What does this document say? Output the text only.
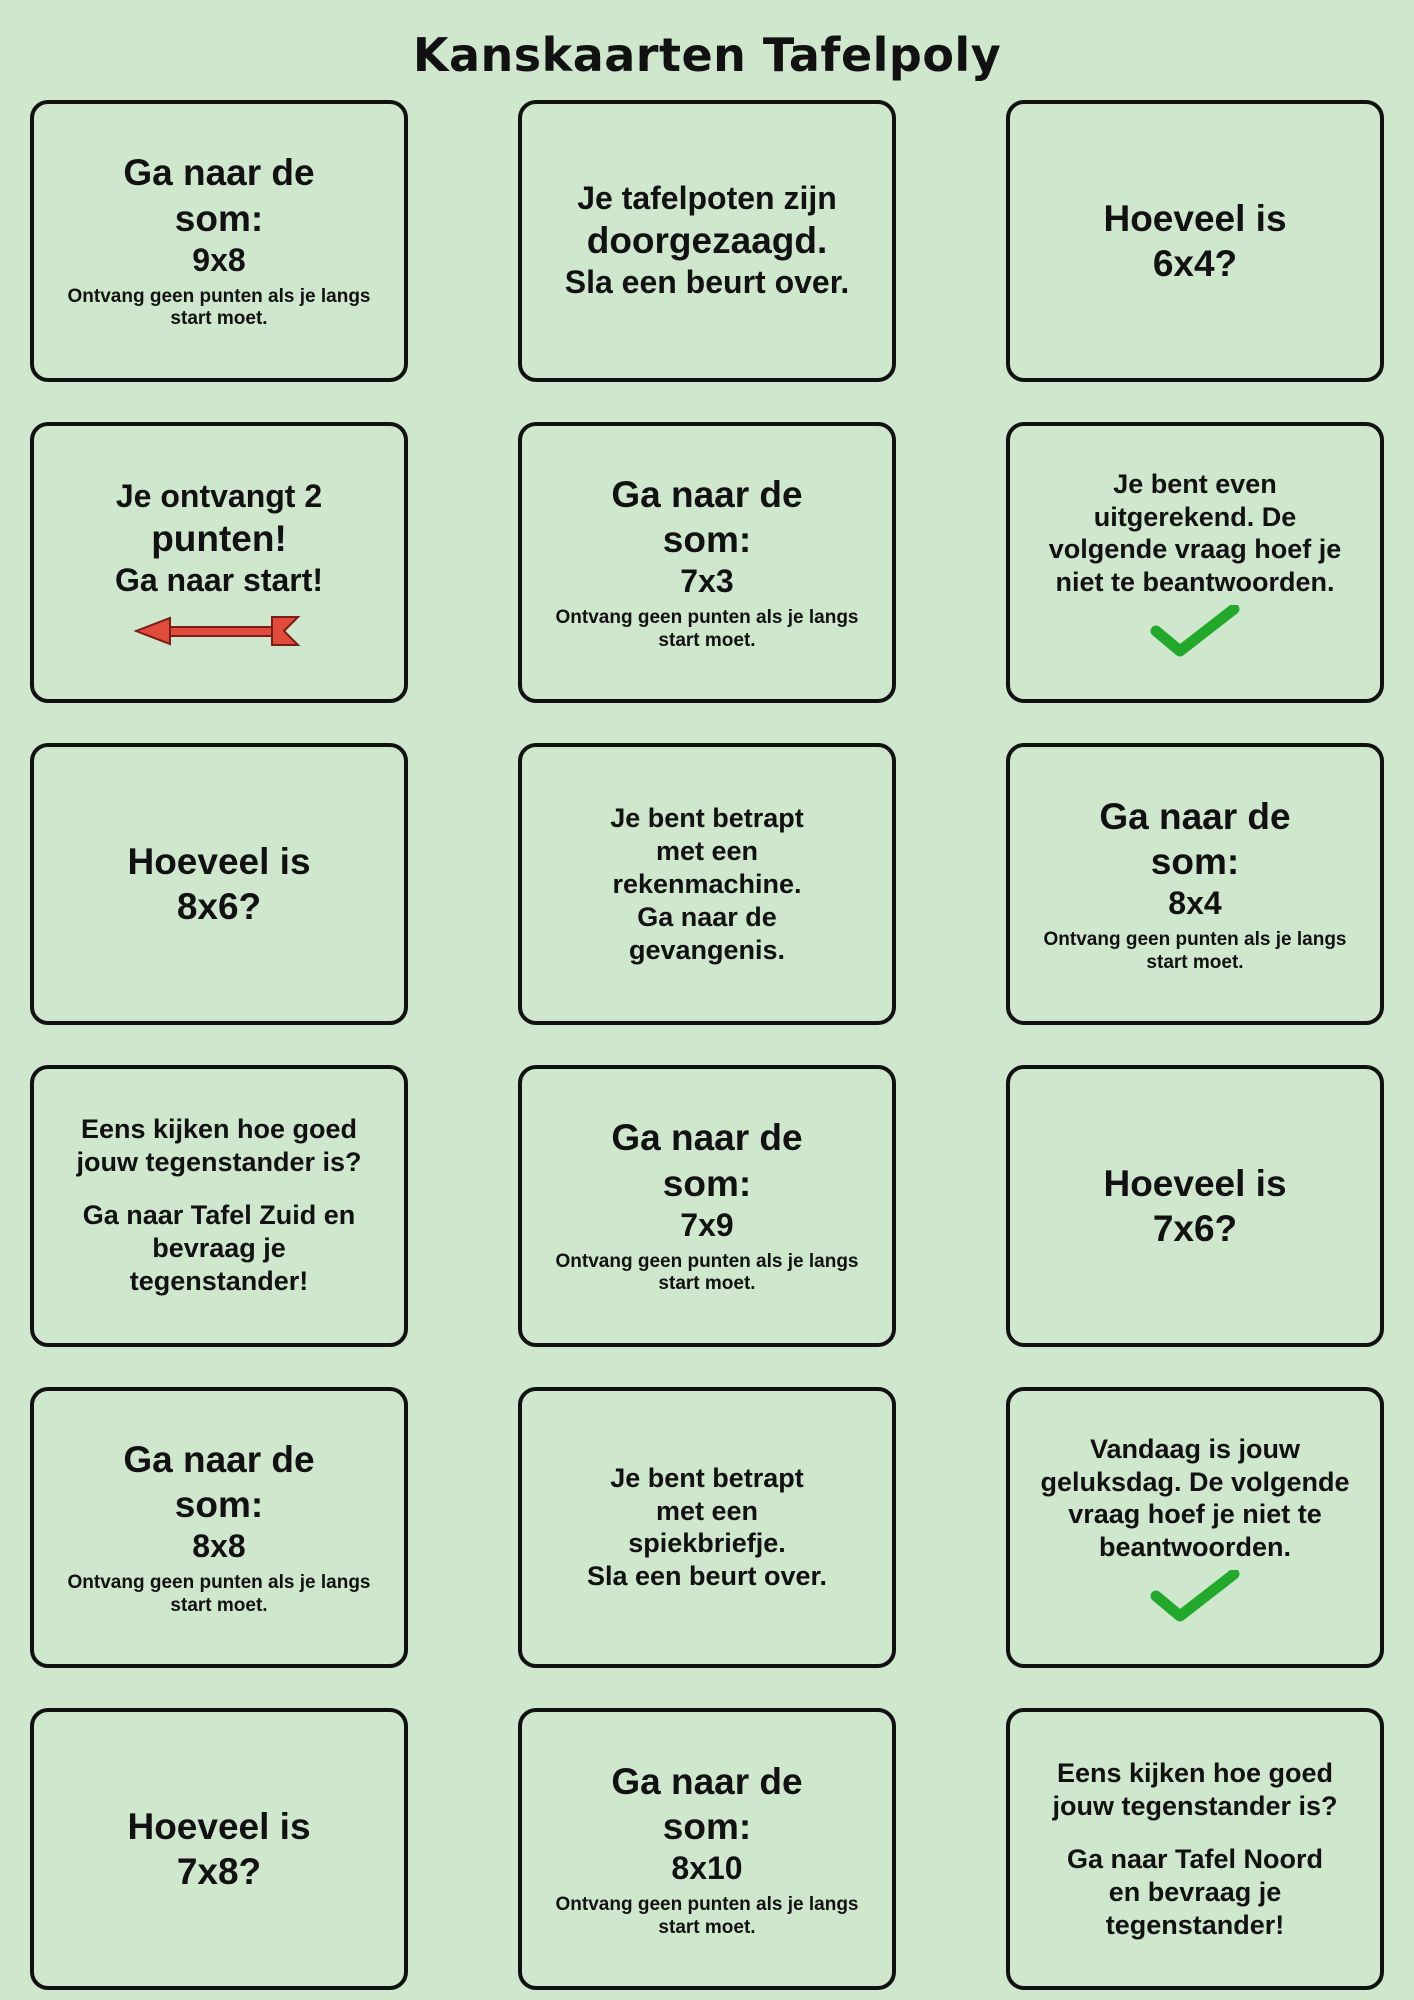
Kanskaarten Tafelpoly
Ga naar de
som:
9x8
Ontvang geen punten als je langs start moet.
Je tafelpoten zijn
doorgezaagd.
Sla een beurt over.
Hoeveel is
6x4?
Je ontvangt 2
punten!
Ga naar start!
Ga naar de
som:
7x3
Ontvang geen punten als je langs start moet.
Je bent even
uitgerekend. De
volgende vraag hoef je
niet te beantwoorden.
Hoeveel is
8x6?
Je bent betrapt
met een
rekenmachine.
Ga naar de
gevangenis.
Ga naar de
som:
8x4
Ontvang geen punten als je langs start moet.
Eens kijken hoe goed
jouw tegenstander is?
Ga naar Tafel Zuid en
bevraag je
tegenstander!
Ga naar de
som:
7x9
Ontvang geen punten als je langs start moet.
Hoeveel is
7x6?
Ga naar de
som:
8x8
Ontvang geen punten als je langs start moet.
Je bent betrapt
met een
spiekbriefje.
Sla een beurt over.
Vandaag is jouw
geluksdag. De volgende
vraag hoef je niet te
beantwoorden.
Hoeveel is
7x8?
Ga naar de
som:
8x10
Ontvang geen punten als je langs start moet.
Eens kijken hoe goed
jouw tegenstander is?
Ga naar Tafel Noord
en bevraag je
tegenstander!
